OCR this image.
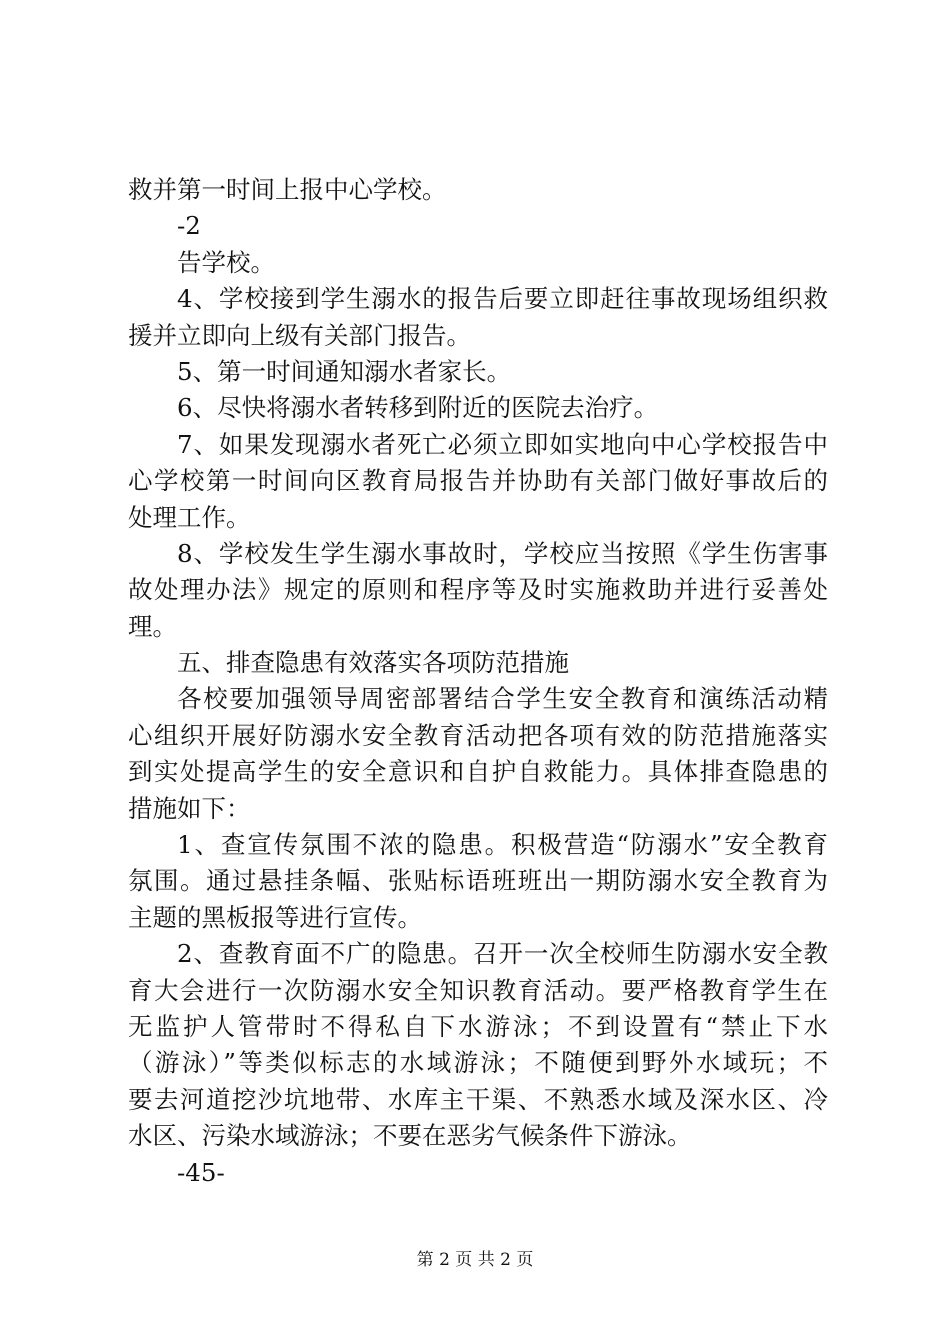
救并第一时间上报中心学校。
-2
告学校。
4、学校接到学生溺水的报告后要立即赶往事故现场组织救
援并立即向上级有关部门报告。
5、第一时间通知溺水者家长。
6、尽快将溺水者转移到附近的医院去治疗。
7、如果发现溺水者死亡必须立即如实地向中心学校报告中
心学校第一时间向区教育局报告并协助有关部门做好事故后的
处理工作。
8、学校发生学生溺水事故时，学校应当按照《学生伤害事
故处理办法》规定的原则和程序等及时实施救助并进行妥善处
理。
五、排查隐患有效落实各项防范措施
各校要加强领导周密部署结合学生安全教育和演练活动精
心组织开展好防溺水安全教育活动把各项有效的防范措施落实
到实处提高学生的安全意识和自护自救能力。具体排查隐患的
措施如下：
1、查宣传氛围不浓的隐患。积极营造“防溺水”安全教育
氛围。通过悬挂条幅、张贴标语班班出一期防溺水安全教育为
主题的黑板报等进行宣传。
2、查教育面不广的隐患。召开一次全校师生防溺水安全教
育大会进行一次防溺水安全知识教育活动。要严格教育学生在
无监护人管带时不得私自下水游泳；不到设置有“禁止下水
（游泳）”等类似标志的水域游泳；不随便到野外水域玩；不
要去河道挖沙坑地带、水库主干渠、不熟悉水域及深水区、冷
水区、污染水域游泳；不要在恶劣气候条件下游泳。
-45-
第 2 页 共 2 页
